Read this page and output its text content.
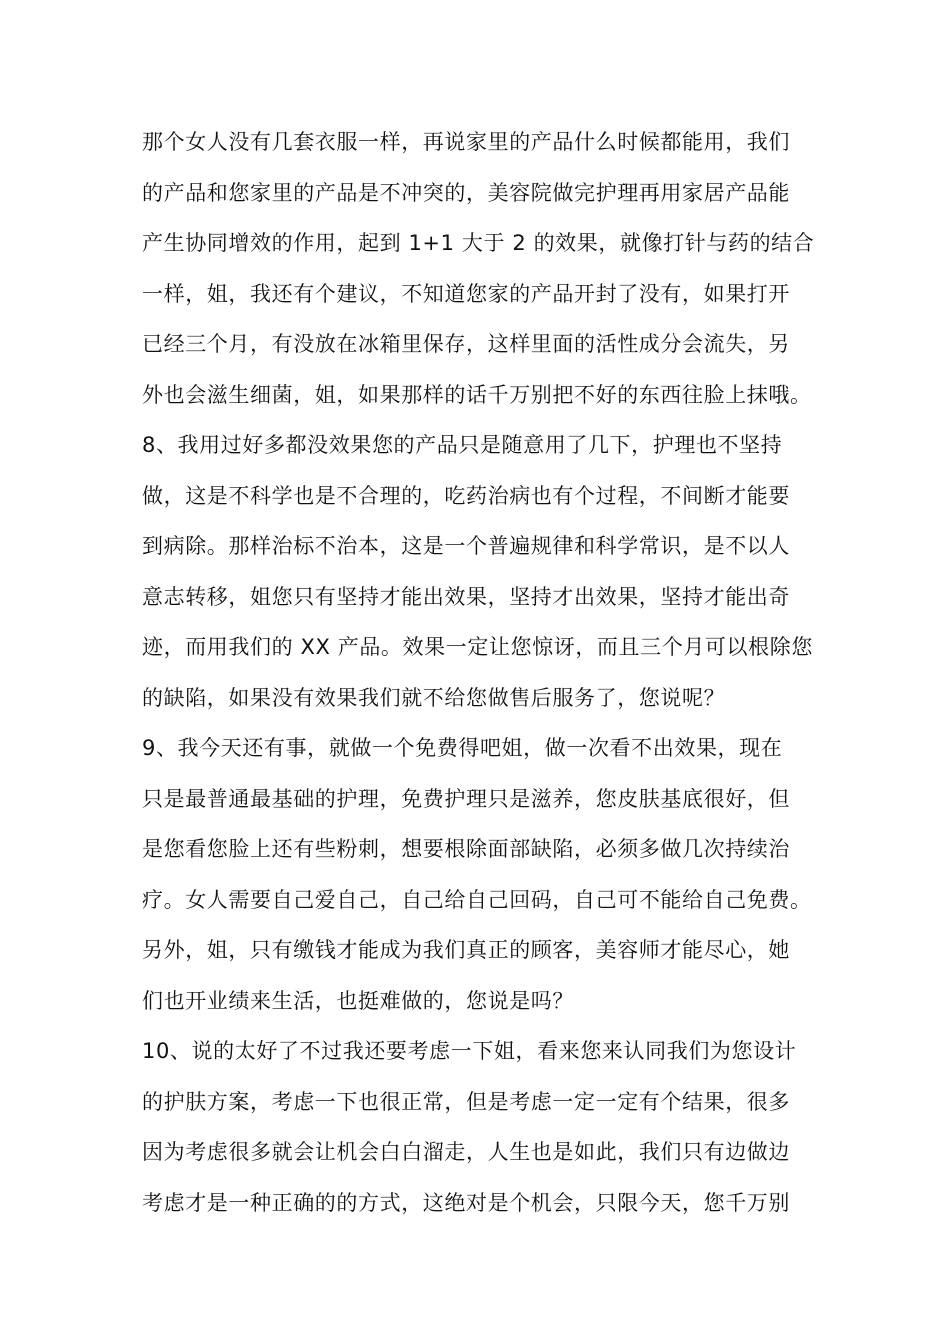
那个女人没有几套衣服一样，再说家里的产品什么时候都能用，我们
的产品和您家里的产品是不冲突的，美容院做完护理再用家居产品能
产生协同增效的作用，起到 1+1 大于 2 的效果，就像打针与药的结合
一样，姐，我还有个建议，不知道您家的产品开封了没有，如果打开
已经三个月，有没放在冰箱里保存，这样里面的活性成分会流失，另
外也会滋生细菌，姐，如果那样的话千万别把不好的东西往脸上抹哦。
8、我用过好多都没效果您的产品只是随意用了几下，护理也不坚持
做，这是不科学也是不合理的，吃药治病也有个过程，不间断才能要
到病除。那样治标不治本，这是一个普遍规律和科学常识，是不以人
意志转移，姐您只有坚持才能出效果，坚持才出效果，坚持才能出奇
迹，而用我们的 XX 产品。效果一定让您惊讶，而且三个月可以根除您
的缺陷，如果没有效果我们就不给您做售后服务了，您说呢？
9、我今天还有事，就做一个免费得吧姐，做一次看不出效果，现在
只是最普通最基础的护理，免费护理只是滋养，您皮肤基底很好，但
是您看您脸上还有些粉刺，想要根除面部缺陷，必须多做几次持续治
疗。女人需要自己爱自己，自己给自己回码，自己可不能给自己免费。
另外，姐，只有缴钱才能成为我们真正的顾客，美容师才能尽心，她
们也开业绩来生活，也挺难做的，您说是吗？
10、说的太好了不过我还要考虑一下姐，看来您来认同我们为您设计
的护肤方案，考虑一下也很正常，但是考虑一定一定有个结果，很多
因为考虑很多就会让机会白白溜走，人生也是如此，我们只有边做边
考虑才是一种正确的的方式，这绝对是个机会，只限今天，您千万别
